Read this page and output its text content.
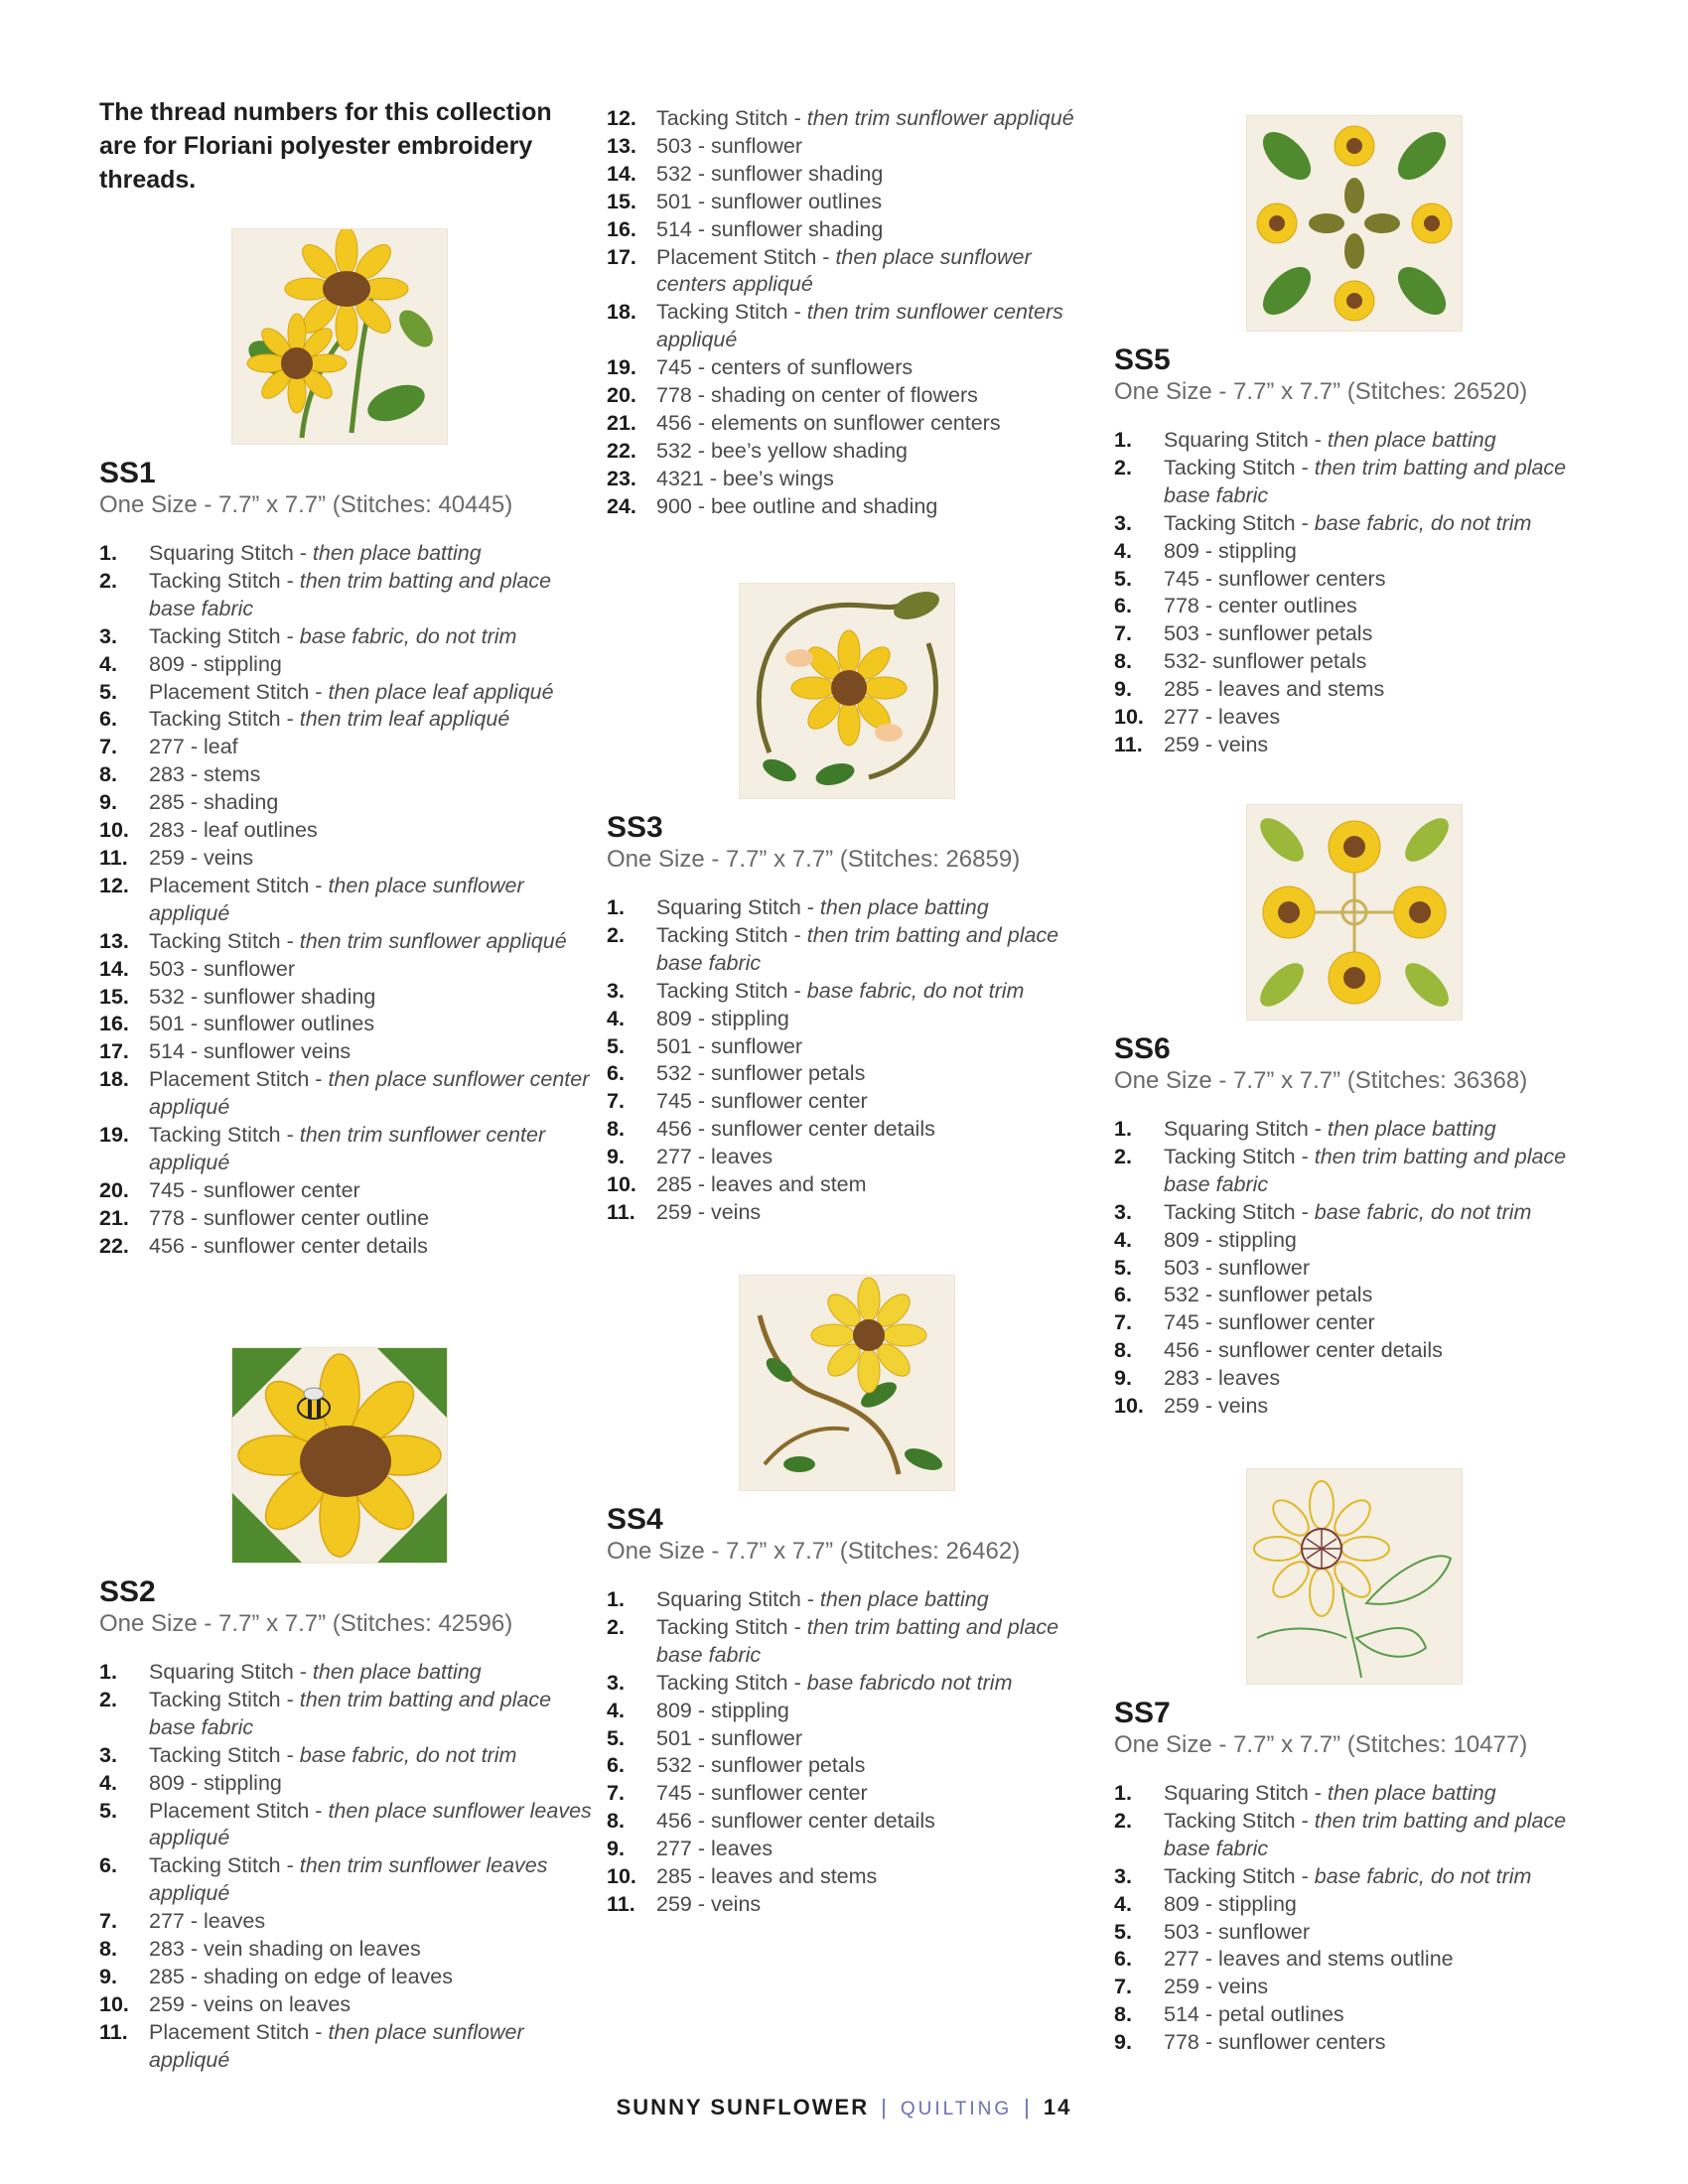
The thread numbers for this collection are for Floriani polyester embroidery threads.
SS1
One Size - 7.7” x 7.7” (Stitches: 40445)
1. Squaring Stitch - then place batting
2. Tacking Stitch - then trim batting and place base fabric
3. Tacking Stitch - base fabric, do not trim
4. 809 - stippling
5. Placement Stitch - then place leaf appliqué
6. Tacking Stitch - then trim leaf appliqué
7. 277 - leaf
8. 283 - stems
9. 285 - shading
10. 283 - leaf outlines
11. 259 - veins
12. Placement Stitch - then place sunflower appliqué
13. Tacking Stitch - then trim sunflower appliqué
14. 503 - sunflower
15. 532 - sunflower shading
16. 501 - sunflower outlines
17. 514 - sunflower veins
18. Placement Stitch - then place sunflower center appliqué
19. Tacking Stitch - then trim sunflower center appliqué
20. 745 - sunflower center
21. 778 - sunflower center outline
22. 456 - sunflower center details
SS2
One Size - 7.7” x 7.7” (Stitches: 42596)
1. Squaring Stitch - then place batting
2. Tacking Stitch - then trim batting and place base fabric
3. Tacking Stitch - base fabric, do not trim
4. 809 - stippling
5. Placement Stitch - then place sunflower leaves appliqué
6. Tacking Stitch - then trim sunflower leaves appliqué
7. 277 - leaves
8. 283 - vein shading on leaves
9. 285 - shading on edge of leaves
10. 259 - veins on leaves
11. Placement Stitch - then place sunflower appliqué
12. Tacking Stitch - then trim sunflower appliqué
13. 503 - sunflower
14. 532 - sunflower shading
15. 501 - sunflower outlines
16. 514 - sunflower shading
17. Placement Stitch - then place sunflower centers appliqué
18. Tacking Stitch - then trim sunflower centers appliqué
19. 745 - centers of sunflowers
20. 778 - shading on center of flowers
21. 456 - elements on sunflower centers
22. 532 - bee’s yellow shading
23. 4321 - bee’s wings
24. 900 - bee outline and shading
SS3
One Size - 7.7” x 7.7” (Stitches: 26859)
1. Squaring Stitch - then place batting
2. Tacking Stitch - then trim batting and place base fabric
3. Tacking Stitch - base fabric, do not trim
4. 809 - stippling
5. 501 - sunflower
6. 532 - sunflower petals
7. 745 - sunflower center
8. 456 - sunflower center details
9. 277 - leaves
10. 285 - leaves and stem
11. 259 - veins
SS4
One Size - 7.7” x 7.7” (Stitches: 26462)
1. Squaring Stitch - then place batting
2. Tacking Stitch - then trim batting and place base fabric
3. Tacking Stitch - base fabricdo not trim
4. 809 - stippling
5. 501 - sunflower
6. 532 - sunflower petals
7. 745 - sunflower center
8. 456 - sunflower center details
9. 277 - leaves
10. 285 - leaves and stems
11. 259 - veins
SS5
One Size - 7.7” x 7.7” (Stitches: 26520)
1. Squaring Stitch - then place batting
2. Tacking Stitch - then trim batting and place base fabric
3. Tacking Stitch - base fabric, do not trim
4. 809 - stippling
5. 745 - sunflower centers
6. 778 - center outlines
7. 503 - sunflower petals
8. 532- sunflower petals
9. 285 - leaves and stems
10. 277 - leaves
11. 259 - veins
SS6
One Size - 7.7” x 7.7” (Stitches: 36368)
1. Squaring Stitch - then place batting
2. Tacking Stitch - then trim batting and place base fabric
3. Tacking Stitch - base fabric, do not trim
4. 809 - stippling
5. 503 - sunflower
6. 532 - sunflower petals
7. 745 - sunflower center
8. 456 - sunflower center details
9. 283 - leaves
10. 259 - veins
SS7
One Size - 7.7” x 7.7” (Stitches: 10477)
1. Squaring Stitch - then place batting
2. Tacking Stitch - then trim batting and place base fabric
3. Tacking Stitch - base fabric, do not trim
4. 809 - stippling
5. 503 - sunflower
6. 277 - leaves and stems outline
7. 259 - veins
8. 514 - petal outlines
9. 778 - sunflower centers
SUNNY SUNFLOWER | QUILTING | 14
